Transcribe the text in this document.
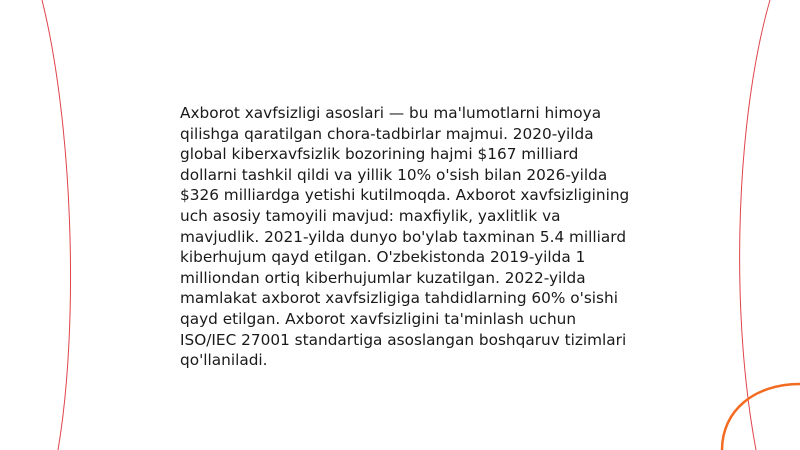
Axborot xavfsizligi asoslari — bu ma'lumotlarni himoya qilishga qaratilgan chora-tadbirlar majmui. 2020-yilda global kiberxavfsizlik bozorining hajmi $167 milliard dollarni tashkil qildi va yillik 10% o'sish bilan 2026-yilda $326 milliardga yetishi kutilmoqda. Axborot xavfsizligining uch asosiy tamoyili mavjud: maxfiylik, yaxlitlik va mavjudlik. 2021-yilda dunyo bo'ylab taxminan 5.4 milliard kiberhujum qayd etilgan. O'zbekistonda 2019-yilda 1 milliondan ortiq kiberhujumlar kuzatilgan. 2022-yilda mamlakat axborot xavfsizligiga tahdidlarning 60% o'sishi qayd etilgan. Axborot xavfsizligini ta'minlash uchun ISO/IEC 27001 standartiga asoslangan boshqaruv tizimlari qo'llaniladi.
